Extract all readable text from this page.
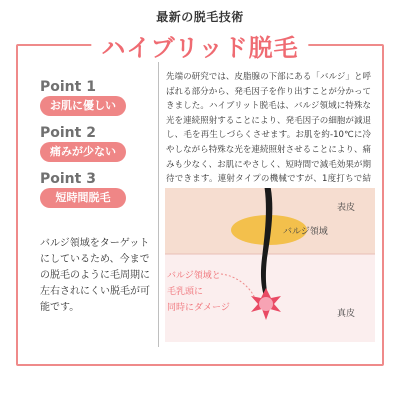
最新の脱毛技術
ハイブリッド脱毛
Point 1
お肌に優しい
Point 2
痛みが少ない
Point 3
短時間脱毛
バルジ領域をターゲットにしているため、今までの脱毛のように毛周期に左右されにくい脱毛が可能です。
先端の研究では、皮脂腺の下部にある「バルジ」と呼ばれる部分から、発毛因子を作り出すことが分かってきました。ハイブリット脱毛は、バルジ領域に特殊な光を連続照射することにより、発毛因子の細胞が減退し、毛を再生しづらくさせます。お肌を約-10℃に冷やしながら特殊な光を連続照射させることにより、痛みも少なく、お肌にやさしく、短時間で減毛効果が期待できます。連射タイプの機械ですが、1度打ちで結
表皮
バルジ領域
真皮
バルジ領域と
毛乳頭に
同時にダメージ
